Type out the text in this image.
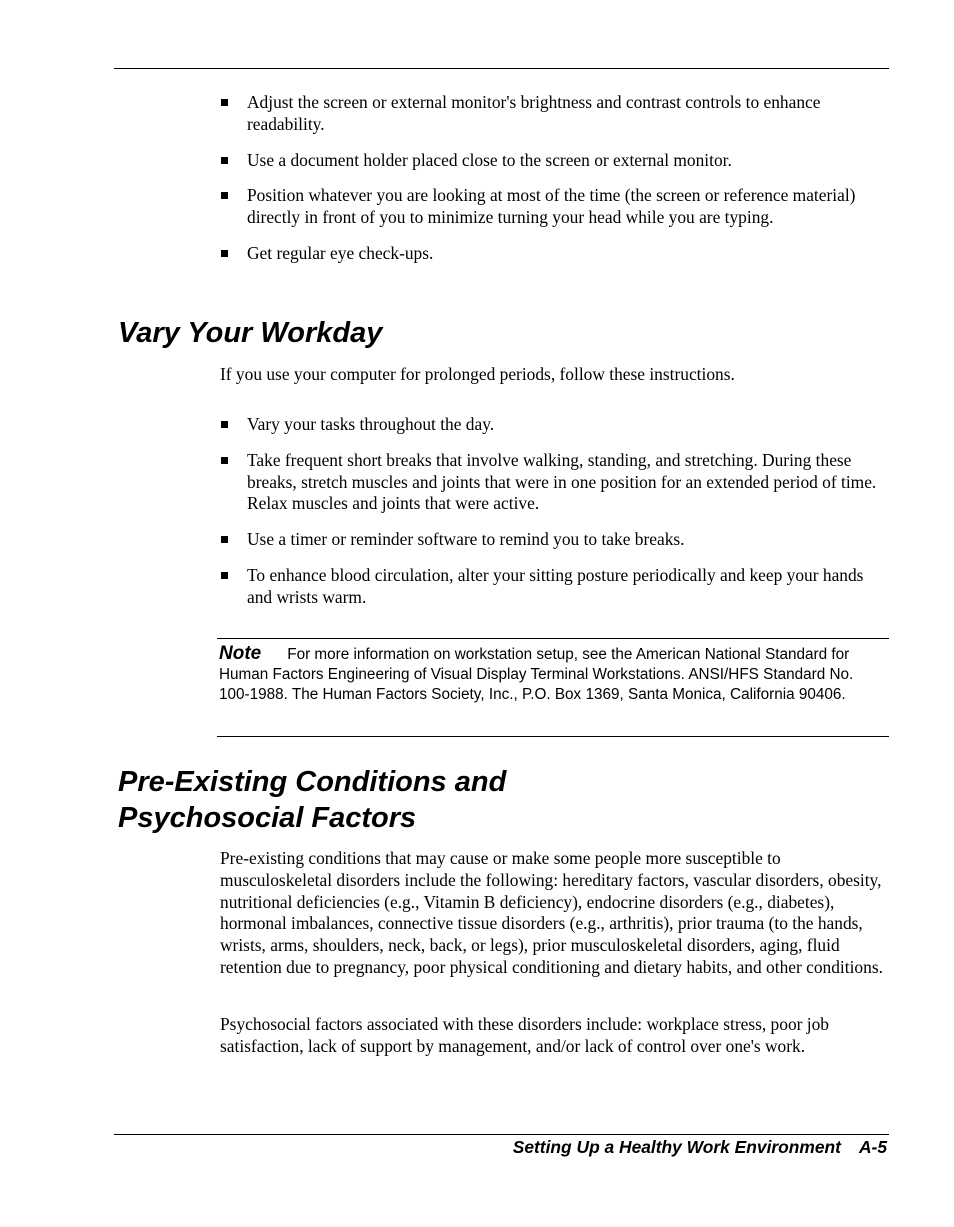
Adjust the screen or external monitor's brightness and contrast controls to enhance readability.
Use a document holder placed close to the screen or external monitor.
Position whatever you are looking at most of the time (the screen or reference material) directly in front of you to minimize turning your head while you are typing.
Get regular eye check-ups.
Vary Your Workday

If you use your computer for prolonged periods, follow these instructions.

Vary your tasks throughout the day.
Take frequent short breaks that involve walking, standing, and stretching. During these breaks, stretch muscles and joints that were in one position for an extended period of time. Relax muscles and joints that were active.
Use a timer or reminder software to remind you to take breaks.
To enhance blood circulation, alter your sitting posture periodically and keep your hands and wrists warm.

Note For more information on workstation setup, see the American National Standard for Human Factors Engineering of Visual Display Terminal Workstations. ANSI/HFS Standard No. 100-1988. The Human Factors Society, Inc., P.O. Box 1369, Santa Monica, California 90406.

Pre-Existing Conditions and
Psychosocial Factors

Pre-existing conditions that may cause or make some people more susceptible to musculoskeletal disorders include the following: hereditary factors, vascular disorders, obesity, nutritional deficiencies (e.g., Vitamin B deficiency), endocrine disorders (e.g., diabetes), hormonal imbalances, connective tissue disorders (e.g., arthritis), prior trauma (to the hands, wrists, arms, shoulders, neck, back, or legs), prior musculoskeletal disorders, aging, fluid retention due to pregnancy, poor physical conditioning and dietary habits, and other conditions.

Psychosocial factors associated with these disorders include: workplace stress, poor job satisfaction, lack of support by management, and/or lack of control over one's work.

Setting Up a Healthy Work Environment A-5
